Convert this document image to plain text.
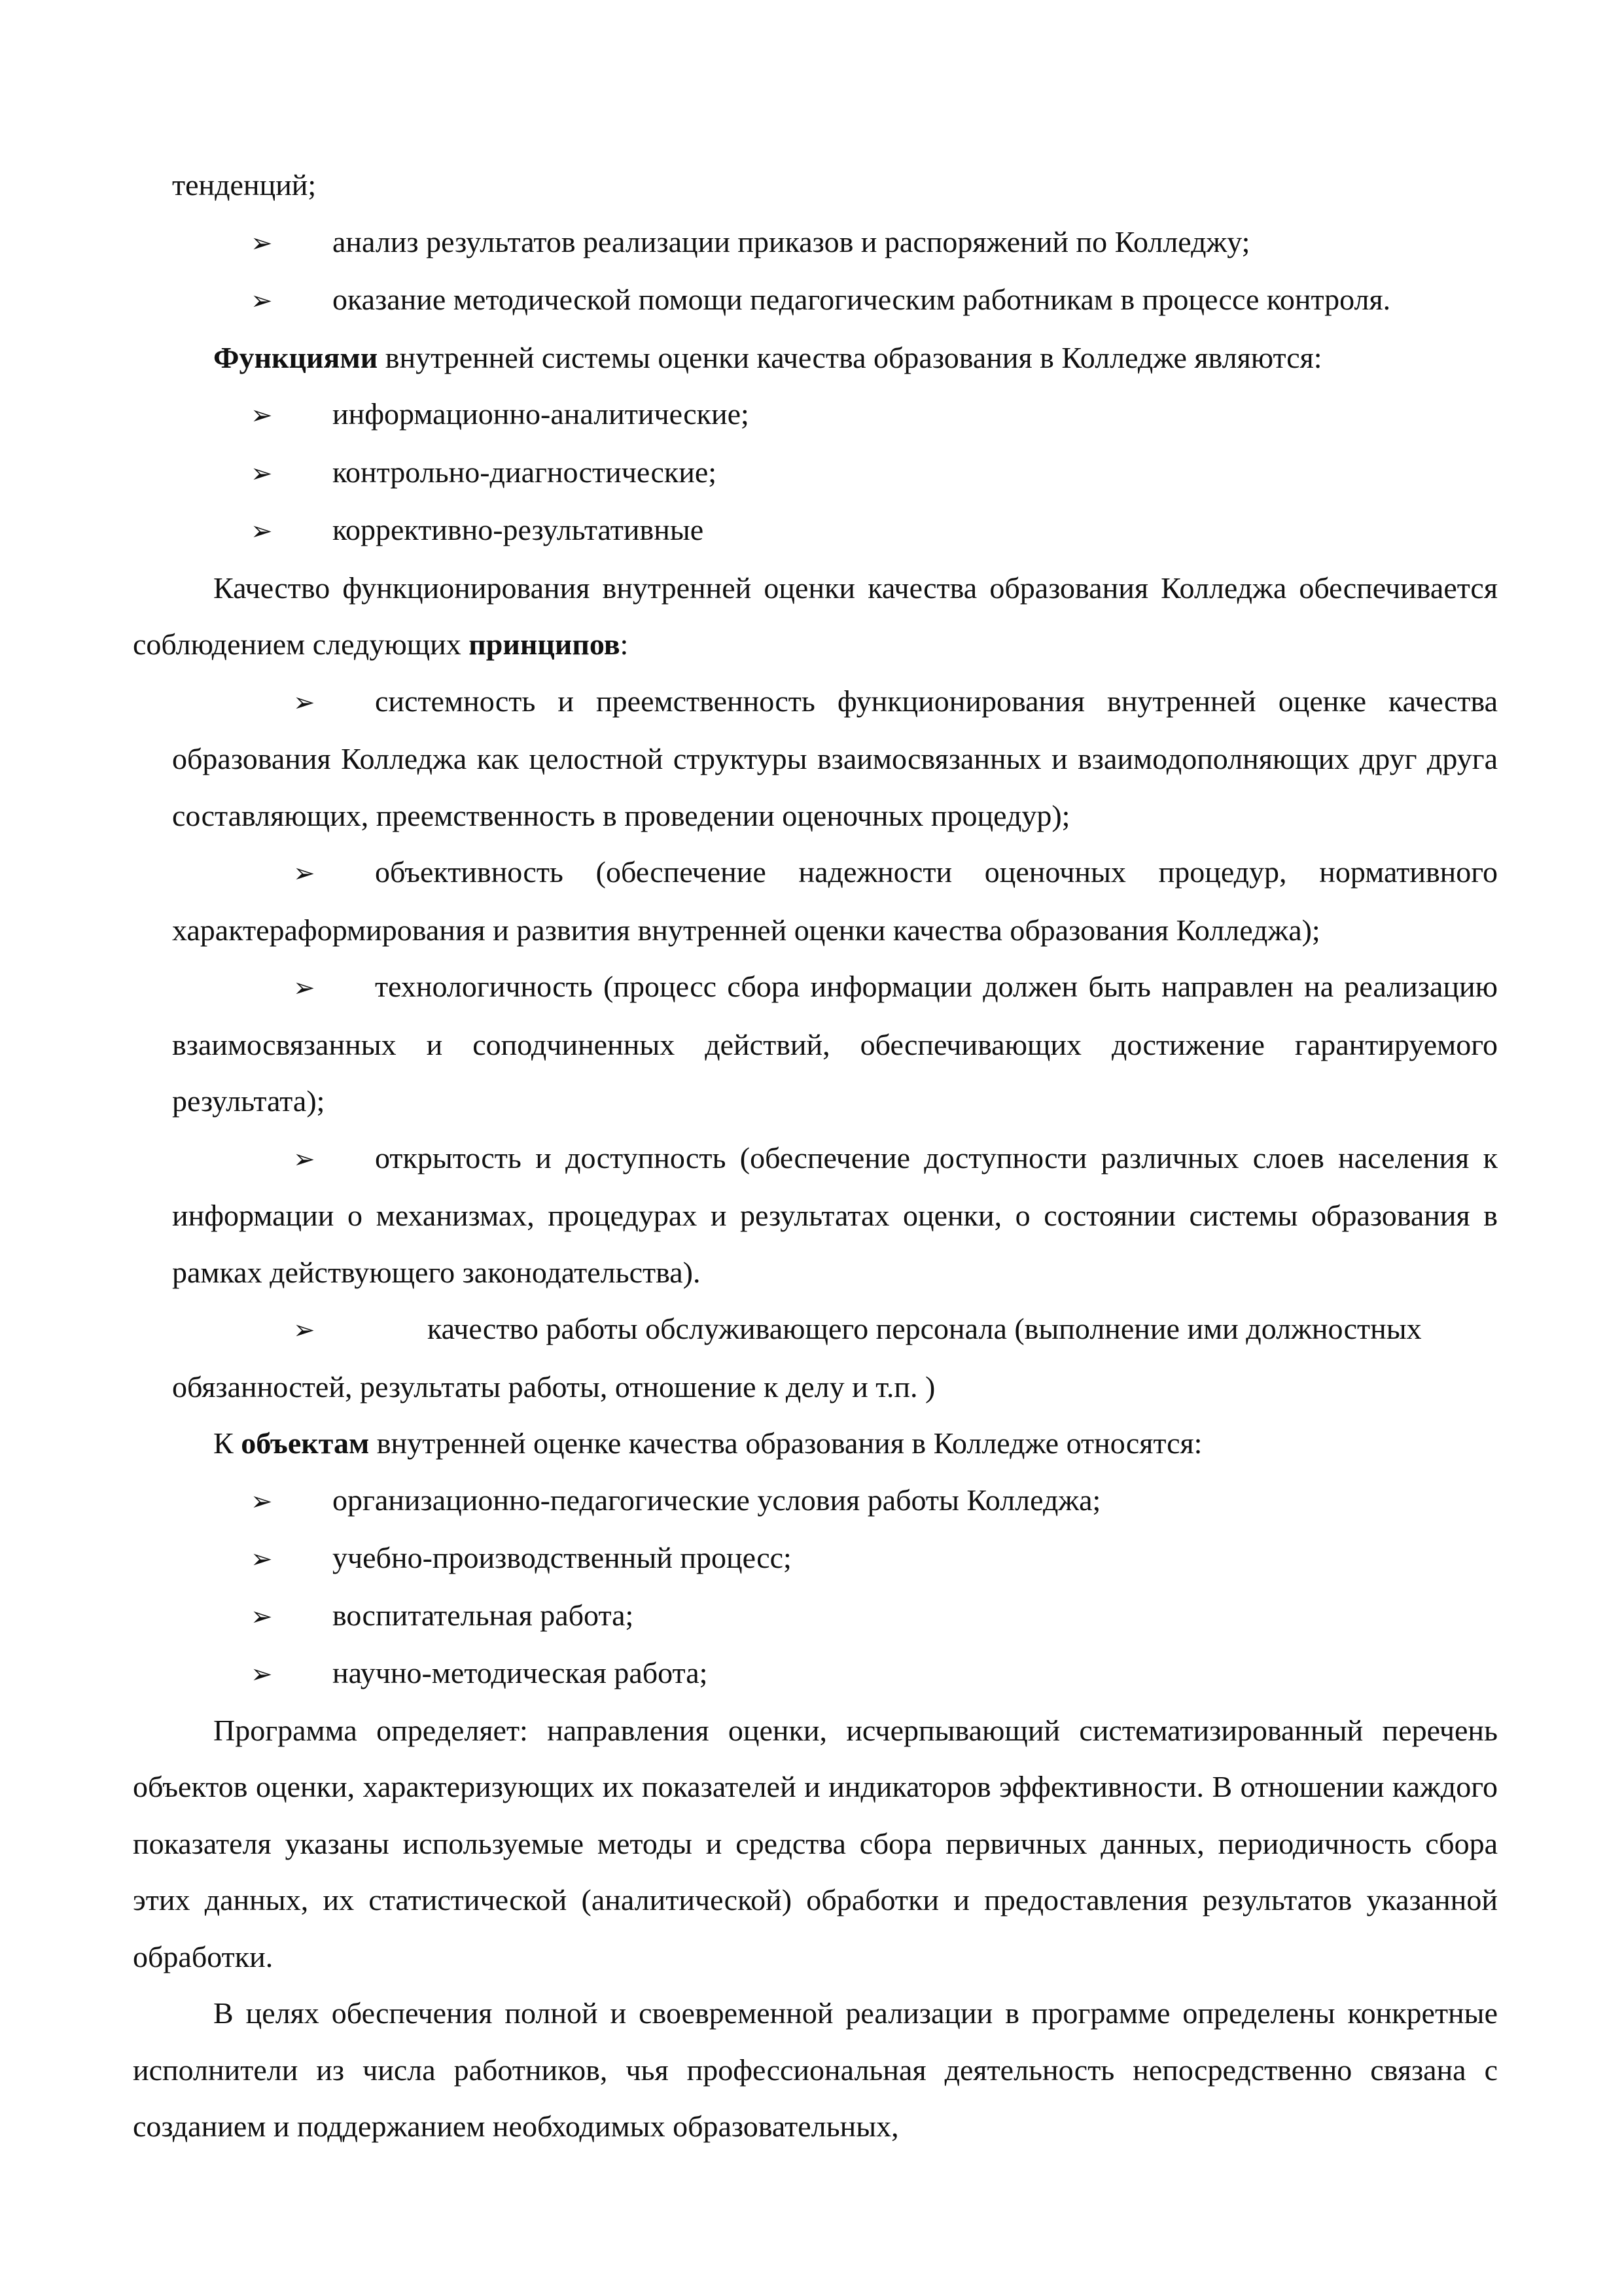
тенденций;

➢ анализ результатов реализации приказов и распоряжений по Колледжу;

➢ оказание методической помощи педагогическим работникам в процессе контроля.

Функциями внутренней системы оценки качества образования в Колледже являются:

➢ информационно-аналитические;

➢ контрольно-диагностические;

➢ коррективно-результативные

Качество функционирования внутренней оценки качества образования Колледжа обеспечивается соблюдением следующих принципов:

➢ системность и преемственность функционирования внутренней оценке качества образования Колледжа как целостной структуры взаимосвязанных и взаимодополняющих друг друга составляющих, преемственность в проведении оценочных процедур);

➢ объективность (обеспечение надежности оценочных процедур, нормативного характераформирования и развития внутренней оценки качества образования Колледжа);

➢ технологичность (процесс сбора информации должен быть направлен на реализацию взаимосвязанных и соподчиненных действий, обеспечивающих достижение гарантируемого результата);

➢ открытость и доступность (обеспечение доступности различных слоев населения к информации о механизмах, процедурах и результатах оценки, о состоянии системы образования в рамках действующего законодательства).

➢	качество работы обслуживающего персонала (выполнение ими должностных обязанностей, результаты работы, отношение к делу и т.п. )

К объектам внутренней оценке качества образования в Колледже относятся:

➢ организационно-педагогические условия работы Колледжа;

➢ учебно-производственный процесс;

➢ воспитательная работа;

➢ научно-методическая работа;

Программа определяет: направления оценки, исчерпывающий систематизированный перечень объектов оценки, характеризующих их показателей и индикаторов эффективности. В отношении каждого показателя указаны используемые методы и средства сбора первичных данных, периодичность сбора этих данных, их статистической (аналитической) обработки и предоставления результатов указанной обработки.

В целях обеспечения полной и своевременной реализации в программе определены конкретные исполнители из числа работников, чья профессиональная деятельность непосредственно связана с созданием и поддержанием необходимых образовательных,
